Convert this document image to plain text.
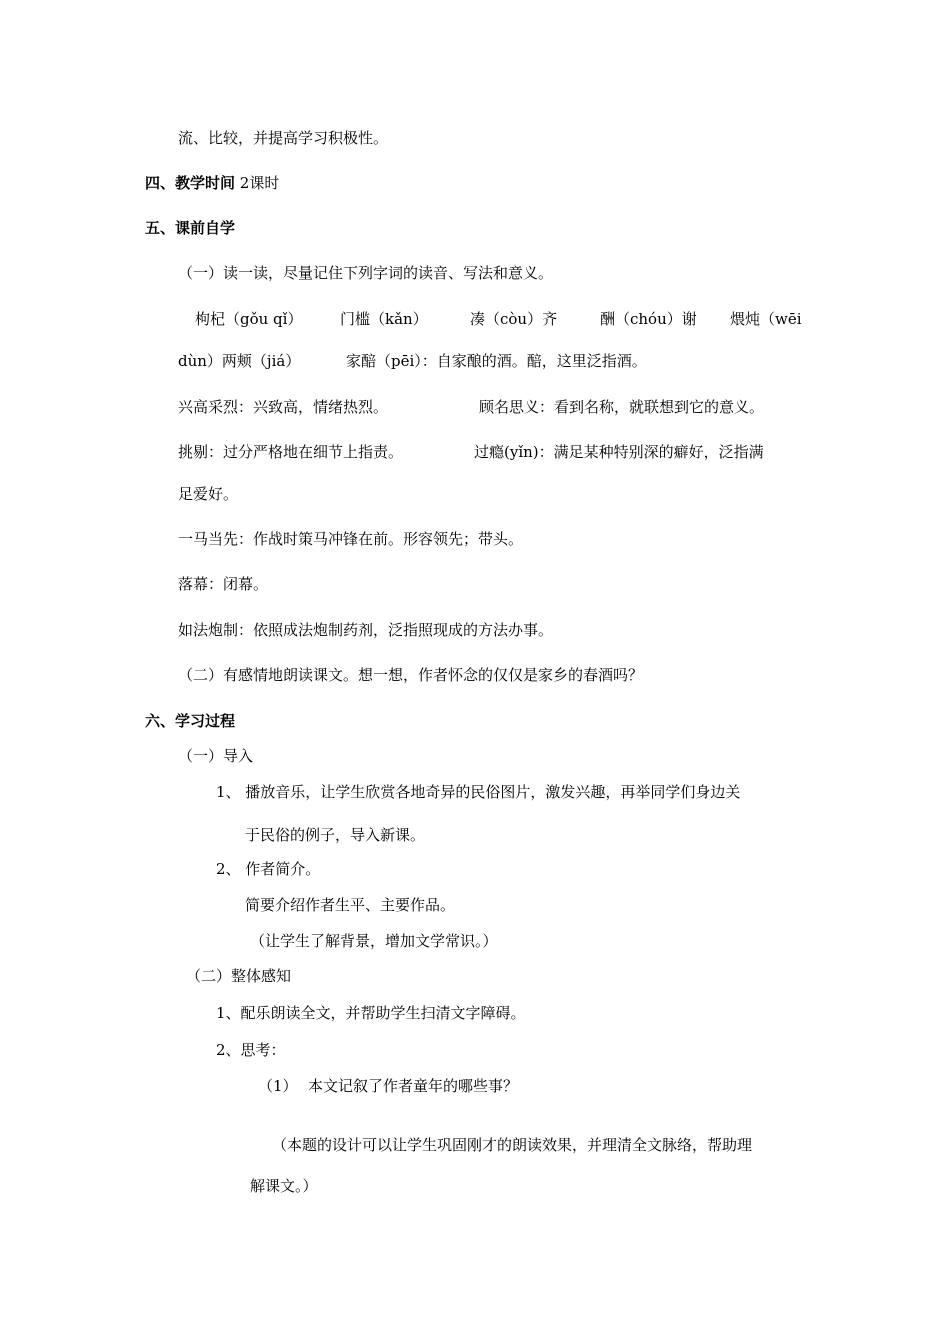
流、比较，并提高学习积极性。

四、教学时间 2课时

五、课前自学

（一）读一读，尽量记住下列字词的读音、写法和意义。

枸杞（gǒu qǐ）	门槛（kǎn）	凑（còu）齐	酬（chóu）谢 煨炖（wēi

dùn）两颊（jiá）	家醅（pēi）：自家酿的酒。醅，这里泛指酒。

兴高采烈：兴致高，情绪热烈。	顾名思义：看到名称，就联想到它的意义。

挑剔：过分严格地在细节上指责。	过瘾(yǐn)：满足某种特别深的癖好，泛指满

足爱好。

一马当先：作战时策马冲锋在前。形容领先；带头。

落幕：闭幕。

如法炮制：依照成法炮制药剂，泛指照现成的方法办事。

（二）有感情地朗读课文。想一想，作者怀念的仅仅是家乡的春酒吗？

六、学习过程

（一）导入

1、 播放音乐，让学生欣赏各地奇异的民俗图片，激发兴趣，再举同学们身边关

于民俗的例子，导入新课。

2、 作者简介。

简要介绍作者生平、主要作品。

（让学生了解背景，增加文学常识。）

（二）整体感知

1、配乐朗读全文，并帮助学生扫清文字障碍。

2、思考：

（1） 本文记叙了作者童年的哪些事？

（本题的设计可以让学生巩固刚才的朗读效果，并理清全文脉络，帮助理

解课文。）
